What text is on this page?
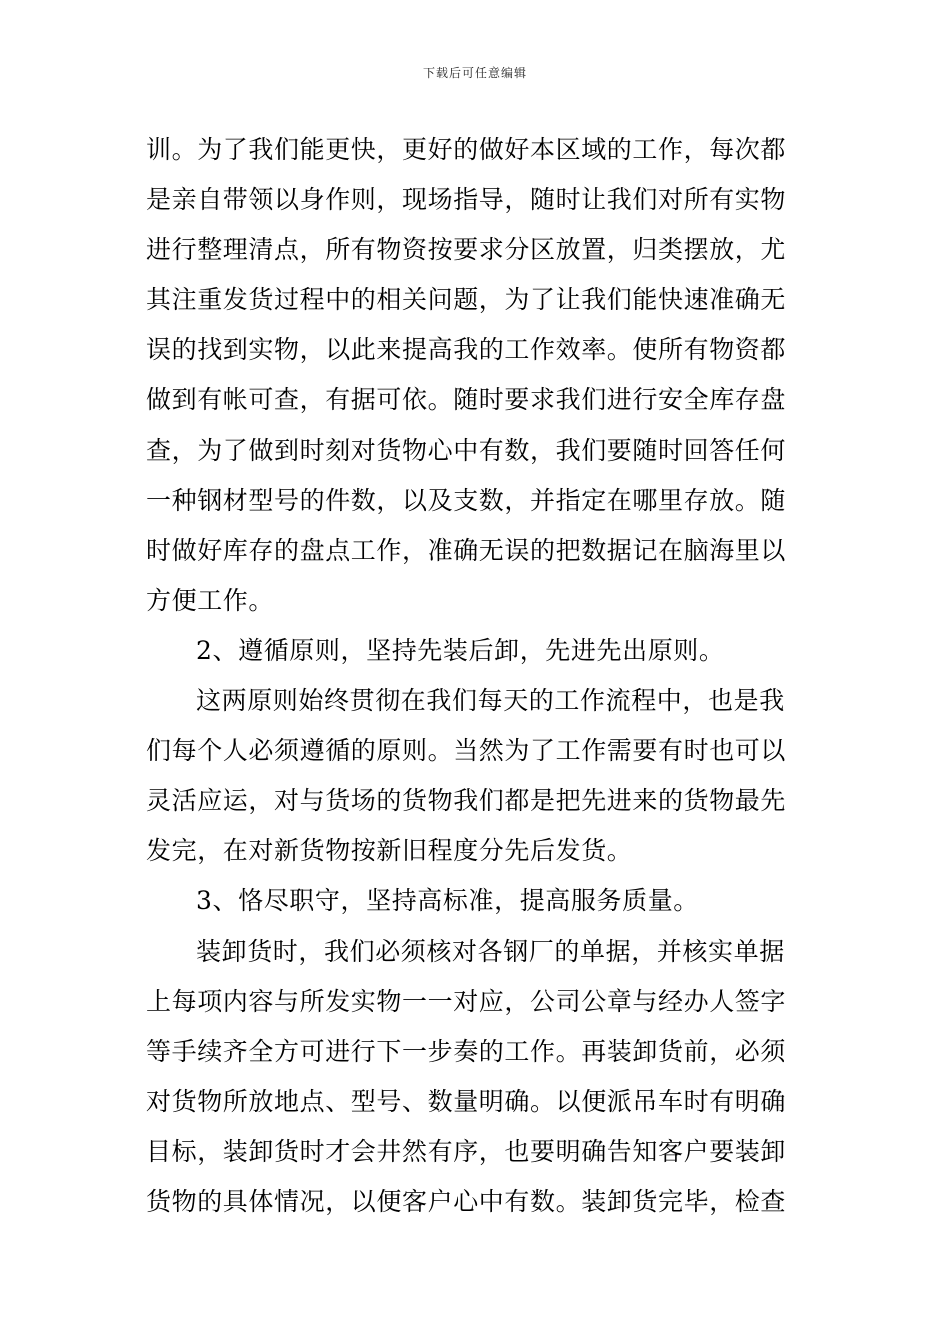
下载后可任意编辑
训。为了我们能更快，更好的做好本区域的工作，每次都
是亲自带领以身作则，现场指导，随时让我们对所有实物
进行整理清点，所有物资按要求分区放置，归类摆放，尤
其注重发货过程中的相关问题，为了让我们能快速准确无
误的找到实物，以此来提高我的工作效率。使所有物资都
做到有帐可查，有据可依。随时要求我们进行安全库存盘
查，为了做到时刻对货物心中有数，我们要随时回答任何
一种钢材型号的件数，以及支数，并指定在哪里存放。随
时做好库存的盘点工作，准确无误的把数据记在脑海里以
方便工作。
2、遵循原则，坚持先装后卸，先进先出原则。
这两原则始终贯彻在我们每天的工作流程中，也是我
们每个人必须遵循的原则。当然为了工作需要有时也可以
灵活应运，对与货场的货物我们都是把先进来的货物最先
发完，在对新货物按新旧程度分先后发货。
3、恪尽职守，坚持高标准，提高服务质量。
装卸货时，我们必须核对各钢厂的单据，并核实单据
上每项内容与所发实物一一对应，公司公章与经办人签字
等手续齐全方可进行下一步奏的工作。再装卸货前，必须
对货物所放地点、型号、数量明确。以便派吊车时有明确
目标，装卸货时才会井然有序，也要明确告知客户要装卸
货物的具体情况，以便客户心中有数。装卸货完毕，检查
